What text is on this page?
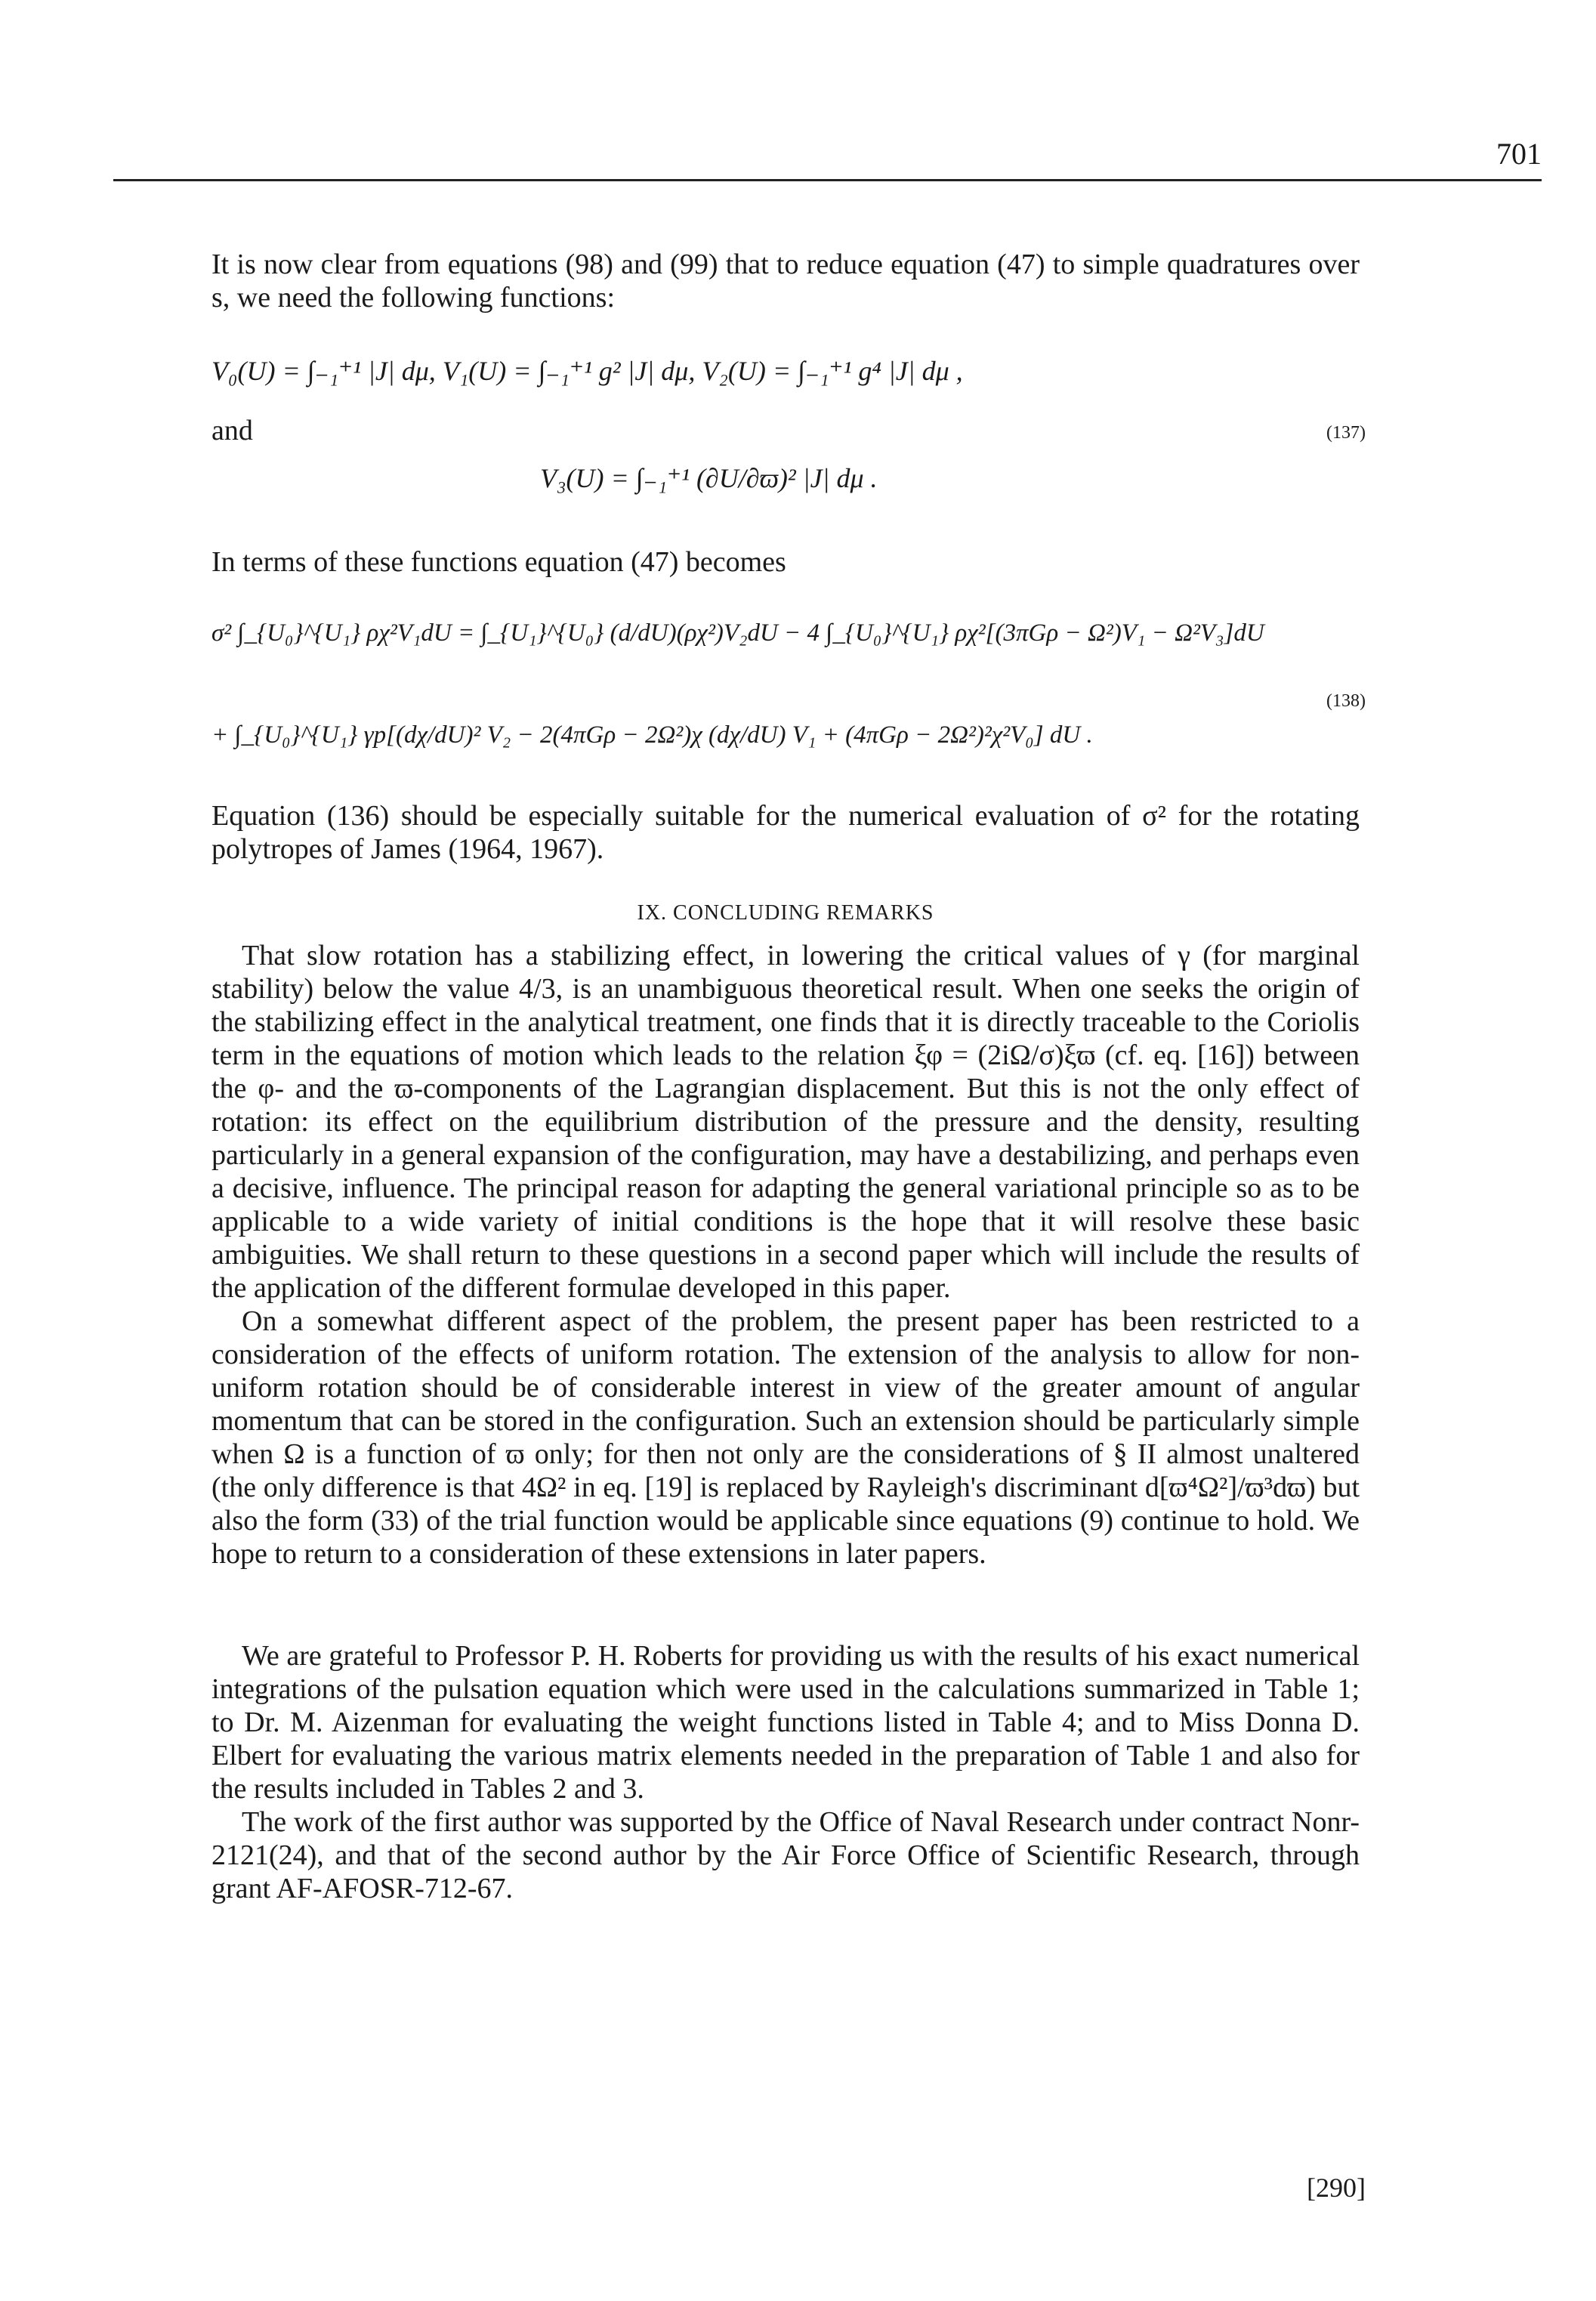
701

It is now clear from equations (98) and (99) that to reduce equation (47) to simple quadratures over s, we need the following functions:

V₀(U) = ∫₋₁⁺¹ |J| dμ, V₁(U) = ∫₋₁⁺¹ g² |J| dμ, V₂(U) = ∫₋₁⁺¹ g⁴ |J| dμ ,
and	(137)
V₃(U) = ∫₋₁⁺¹ (∂U/∂ϖ)² |J| dμ .
In terms of these functions equation (47) becomes
σ² ∫_{U₀}^{U₁} ρχ²V₁dU = ∫_{U₁}^{U₀} (d/dU)(ρχ²)V₂dU − 4 ∫_{U₀}^{U₁} ρχ²[(3πGρ − Ω²)V₁ − Ω²V₃]dU
(138)
+ ∫_{U₀}^{U₁} γp[(dχ/dU)² V₂ − 2(4πGρ − 2Ω²)χ (dχ/dU) V₁ + (4πGρ − 2Ω²)²χ²V₀] dU .

Equation (136) should be especially suitable for the numerical evaluation of σ² for the rotating polytropes of James (1964, 1967).

IX. CONCLUDING REMARKS

That slow rotation has a stabilizing effect, in lowering the critical values of γ (for marginal stability) below the value 4/3, is an unambiguous theoretical result. When one seeks the origin of the stabilizing effect in the analytical treatment, one finds that it is directly traceable to the Coriolis term in the equations of motion which leads to the relation ξφ = (2iΩ/σ)ξϖ (cf. eq. [16]) between the φ- and the ϖ-components of the Lagrangian displacement. But this is not the only effect of rotation: its effect on the equilibrium distribution of the pressure and the density, resulting particularly in a general expansion of the configuration, may have a destabilizing, and perhaps even a decisive, influence. The principal reason for adapting the general variational principle so as to be applicable to a wide variety of initial conditions is the hope that it will resolve these basic ambiguities. We shall return to these questions in a second paper which will include the results of the application of the different formulae developed in this paper.

On a somewhat different aspect of the problem, the present paper has been restricted to a consideration of the effects of uniform rotation. The extension of the analysis to allow for non-uniform rotation should be of considerable interest in view of the greater amount of angular momentum that can be stored in the configuration. Such an extension should be particularly simple when Ω is a function of ϖ only; for then not only are the considerations of § II almost unaltered (the only difference is that 4Ω² in eq. [19] is replaced by Rayleigh's discriminant d[ϖ⁴Ω²]/ϖ³dϖ) but also the form (33) of the trial function would be applicable since equations (9) continue to hold. We hope to return to a consideration of these extensions in later papers.

We are grateful to Professor P. H. Roberts for providing us with the results of his exact numerical integrations of the pulsation equation which were used in the calculations summarized in Table 1; to Dr. M. Aizenman for evaluating the weight functions listed in Table 4; and to Miss Donna D. Elbert for evaluating the various matrix elements needed in the preparation of Table 1 and also for the results included in Tables 2 and 3.

The work of the first author was supported by the Office of Naval Research under contract Nonr-2121(24), and that of the second author by the Air Force Office of Scientific Research, through grant AF-AFOSR-712-67.

[290]
